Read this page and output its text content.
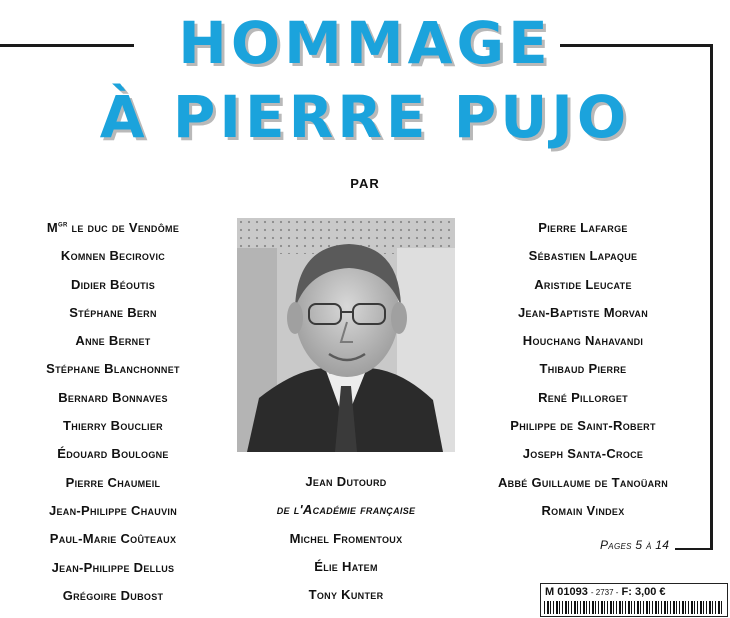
HOMMAGE
À PIERRE PUJO
PAR
$M^{gr}$ le duc de Vendôme
Komnen Becirovic
Didier Béoutis
Stéphane Bern
Anne Bernet
Stéphane Blanchonnet
Bernard Bonnaves
Thierry Bouclier
Édouard Boulogne
Pierre Chaumeil
Jean-Philippe Chauvin
Paul-Marie Coûteaux
Jean-Philippe Dellus
Grégoire Dubost
Jean Dutourd
de l'Académie française
Michel Fromentoux
Élie Hatem
Tony Kunter
Pierre Lafarge
Sébastien Lapaque
Aristide Leucate
Jean-Baptiste Morvan
Houchang Nahavandi
Thibaud Pierre
René Pillorget
Philippe de Saint-Robert
Joseph Santa-Croce
Abbé Guillaume de Tanoüarn
Romain Vindex
Pages 5 à 14
M 01093 - 2737 - F: 3,00 €
